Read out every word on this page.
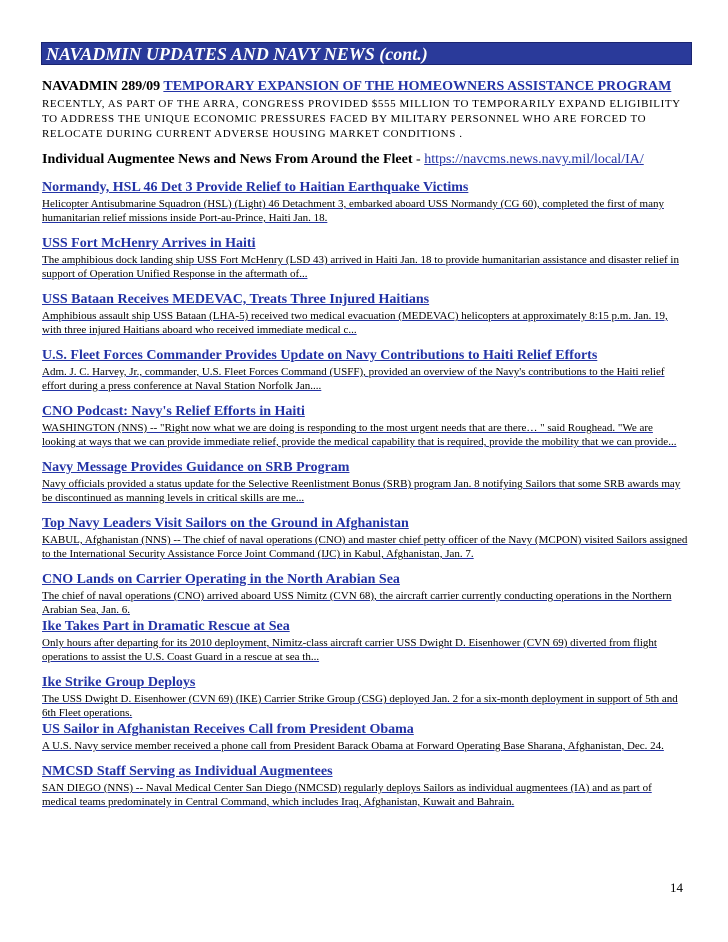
NAVADMIN UPDATES AND NAVY NEWS (cont.)
NAVADMIN 289/09 TEMPORARY EXPANSION OF THE HOMEOWNERS ASSISTANCE PROGRAM
RECENTLY, AS PART OF THE ARRA, CONGRESS PROVIDED $555 MILLION TO TEMPORARILY EXPAND ELIGIBILITY TO ADDRESS THE UNIQUE ECONOMIC PRESSURES FACED BY MILITARY PERSONNEL WHO ARE FORCED TO RELOCATE DURING CURRENT ADVERSE HOUSING MARKET CONDITIONS .
Individual Augmentee News and News From Around the Fleet - https://navcms.news.navy.mil/local/IA/
Normandy, HSL 46 Det 3 Provide Relief to Haitian Earthquake Victims
Helicopter Antisubmarine Squadron (HSL) (Light) 46 Detachment 3, embarked aboard USS Normandy (CG 60), completed the first of many humanitarian relief missions inside Port-au-Prince, Haiti Jan. 18.
USS Fort McHenry Arrives in Haiti
The amphibious dock landing ship USS Fort McHenry (LSD 43) arrived in Haiti Jan. 18 to provide humanitarian assistance and disaster relief in support of Operation Unified Response in the aftermath of...
USS Bataan Receives MEDEVAC, Treats Three Injured Haitians
Amphibious assault ship USS Bataan (LHA-5) received two medical evacuation (MEDEVAC) helicopters at approximately 8:15 p.m. Jan. 19, with three injured Haitians aboard who received immediate medical c...
U.S. Fleet Forces Commander Provides Update on Navy Contributions to Haiti Relief Efforts
Adm. J. C. Harvey, Jr., commander, U.S. Fleet Forces Command (USFF), provided an overview of the Navy's contributions to the Haiti relief effort during a press conference at Naval Station Norfolk Jan....
CNO Podcast: Navy's Relief Efforts in Haiti
WASHINGTON (NNS) -- "Right now what we are doing is responding to the most urgent needs that are there… " said Roughead. "We are looking at ways that we can provide immediate relief, provide the medical capability that is required, provide the mobility that we can provide...
Navy Message Provides Guidance on SRB Program
Navy officials provided a status update for the Selective Reenlistment Bonus (SRB) program Jan. 8 notifying Sailors that some SRB awards may be discontinued as manning levels in critical skills are me...
Top Navy Leaders Visit Sailors on the Ground in Afghanistan
KABUL, Afghanistan (NNS) -- The chief of naval operations (CNO) and master chief petty officer of the Navy (MCPON) visited Sailors assigned to the International Security Assistance Force Joint Command (IJC) in Kabul, Afghanistan, Jan. 7.
CNO Lands on Carrier Operating in the North Arabian Sea
The chief of naval operations (CNO) arrived aboard USS Nimitz (CVN 68), the aircraft carrier currently conducting operations in the Northern Arabian Sea, Jan. 6.
Ike Takes Part in Dramatic Rescue at Sea
Only hours after departing for its 2010 deployment, Nimitz-class aircraft carrier USS Dwight D. Eisenhower (CVN 69) diverted from flight operations to assist the U.S. Coast Guard in a rescue at sea th...
Ike Strike Group Deploys
The USS Dwight D. Eisenhower (CVN 69) (IKE) Carrier Strike Group (CSG) deployed Jan. 2 for a six-month deployment in support of 5th and 6th Fleet operations.
US Sailor in Afghanistan Receives Call from President Obama
A U.S. Navy service member received a phone call from President Barack Obama at Forward Operating Base Sharana, Afghanistan, Dec. 24.
NMCSD Staff Serving as Individual Augmentees
SAN DIEGO (NNS) -- Naval Medical Center San Diego (NMCSD) regularly deploys Sailors as individual augmentees (IA) and as part of medical teams predominately in Central Command, which includes Iraq, Afghanistan, Kuwait and Bahrain.
14
